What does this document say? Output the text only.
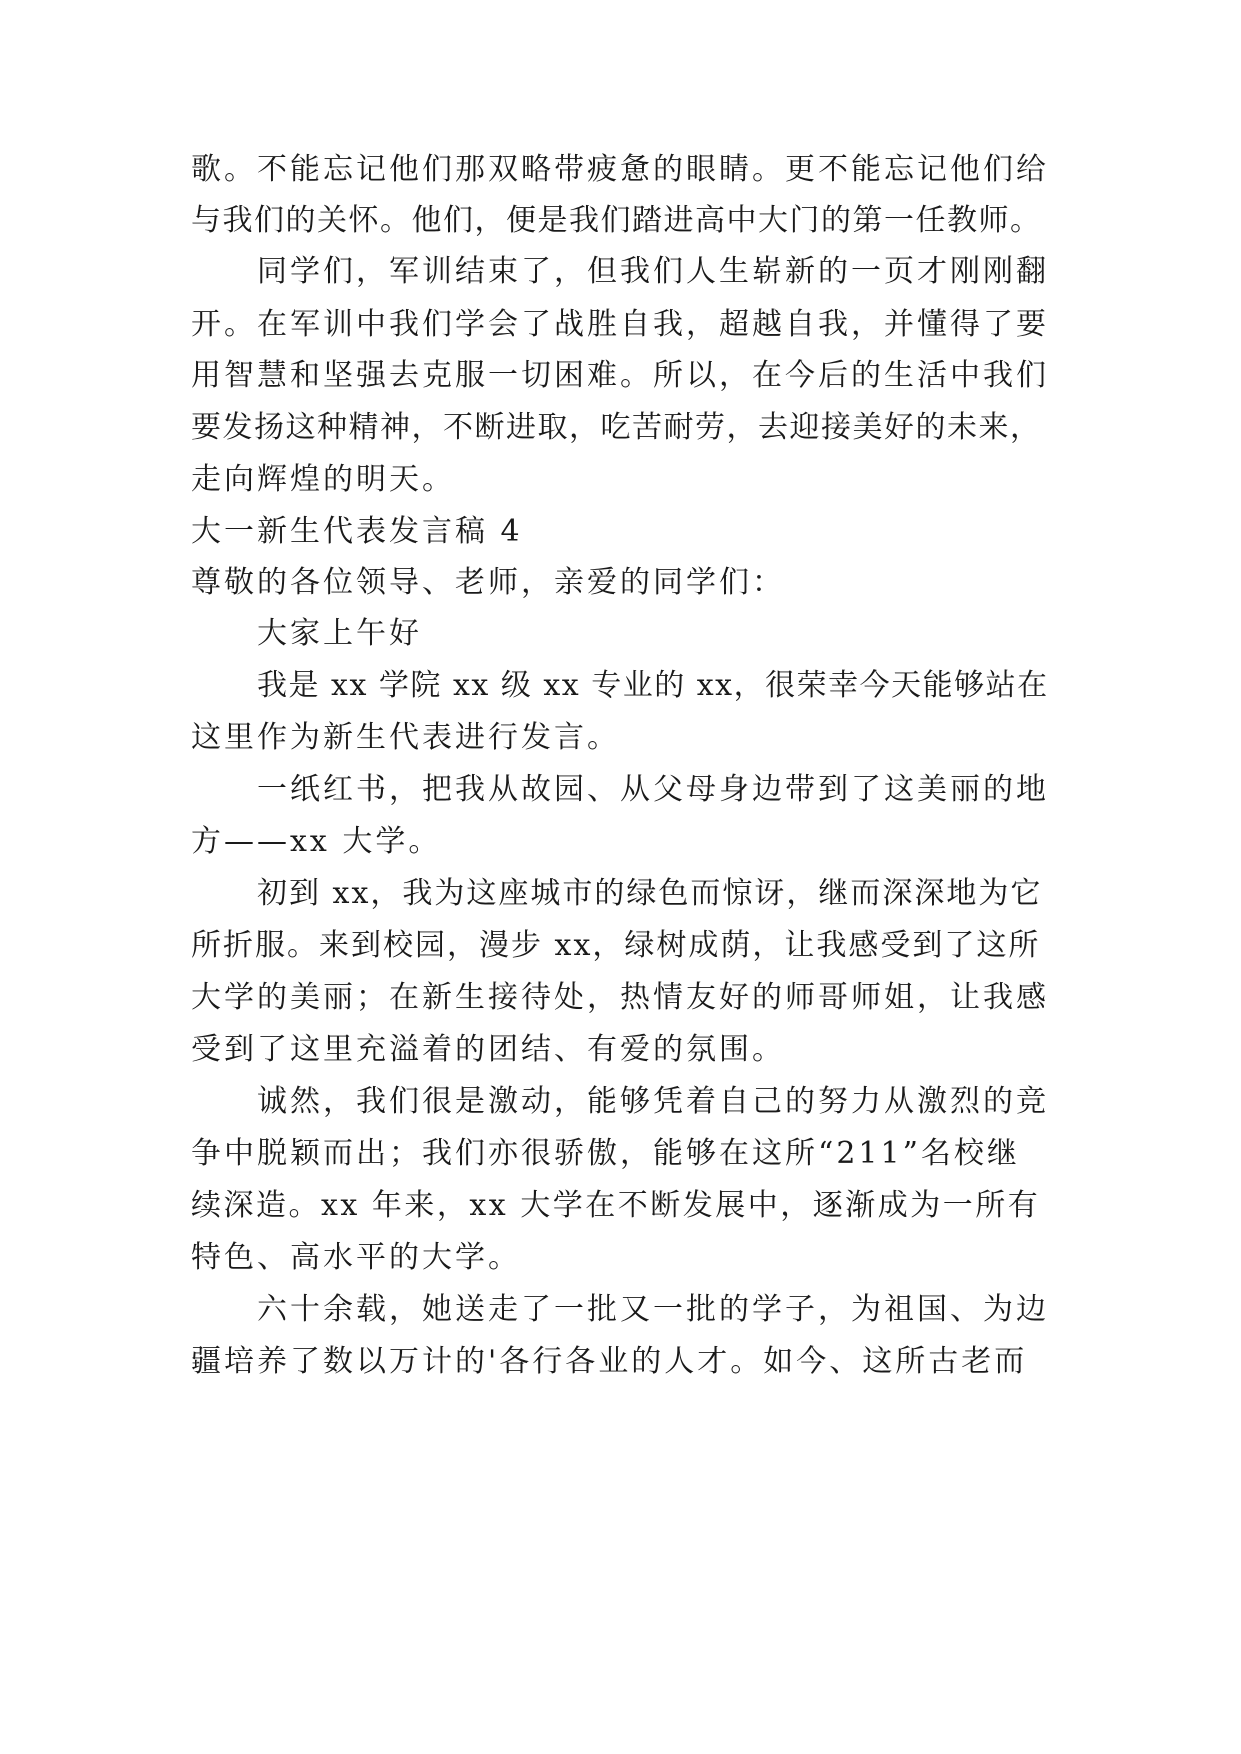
歌。不能忘记他们那双略带疲惫的眼睛。更不能忘记他们给
与我们的关怀。他们，便是我们踏进高中大门的第一任教师。
同学们，军训结束了，但我们人生崭新的一页才刚刚翻
开。在军训中我们学会了战胜自我，超越自我，并懂得了要
用智慧和坚强去克服一切困难。所以，在今后的生活中我们
要发扬这种精神，不断进取，吃苦耐劳，去迎接美好的未来，
走向辉煌的明天。
大一新生代表发言稿 4
尊敬的各位领导、老师，亲爱的同学们：
大家上午好
我是 xx 学院 xx 级 xx 专业的 xx，很荣幸今天能够站在
这里作为新生代表进行发言。
一纸红书，把我从故园、从父母身边带到了这美丽的地
方——xx 大学。
初到 xx，我为这座城市的绿色而惊讶，继而深深地为它
所折服。来到校园，漫步 xx，绿树成荫，让我感受到了这所
大学的美丽；在新生接待处，热情友好的师哥师姐，让我感
受到了这里充溢着的团结、有爱的氛围。
诚然，我们很是激动，能够凭着自己的努力从激烈的竞
争中脱颖而出；我们亦很骄傲，能够在这所“211”名校继
续深造。xx 年来，xx 大学在不断发展中，逐渐成为一所有
特色、高水平的大学。
六十余载，她送走了一批又一批的学子，为祖国、为边
疆培养了数以万计的'各行各业的人才。如今、这所古老而
